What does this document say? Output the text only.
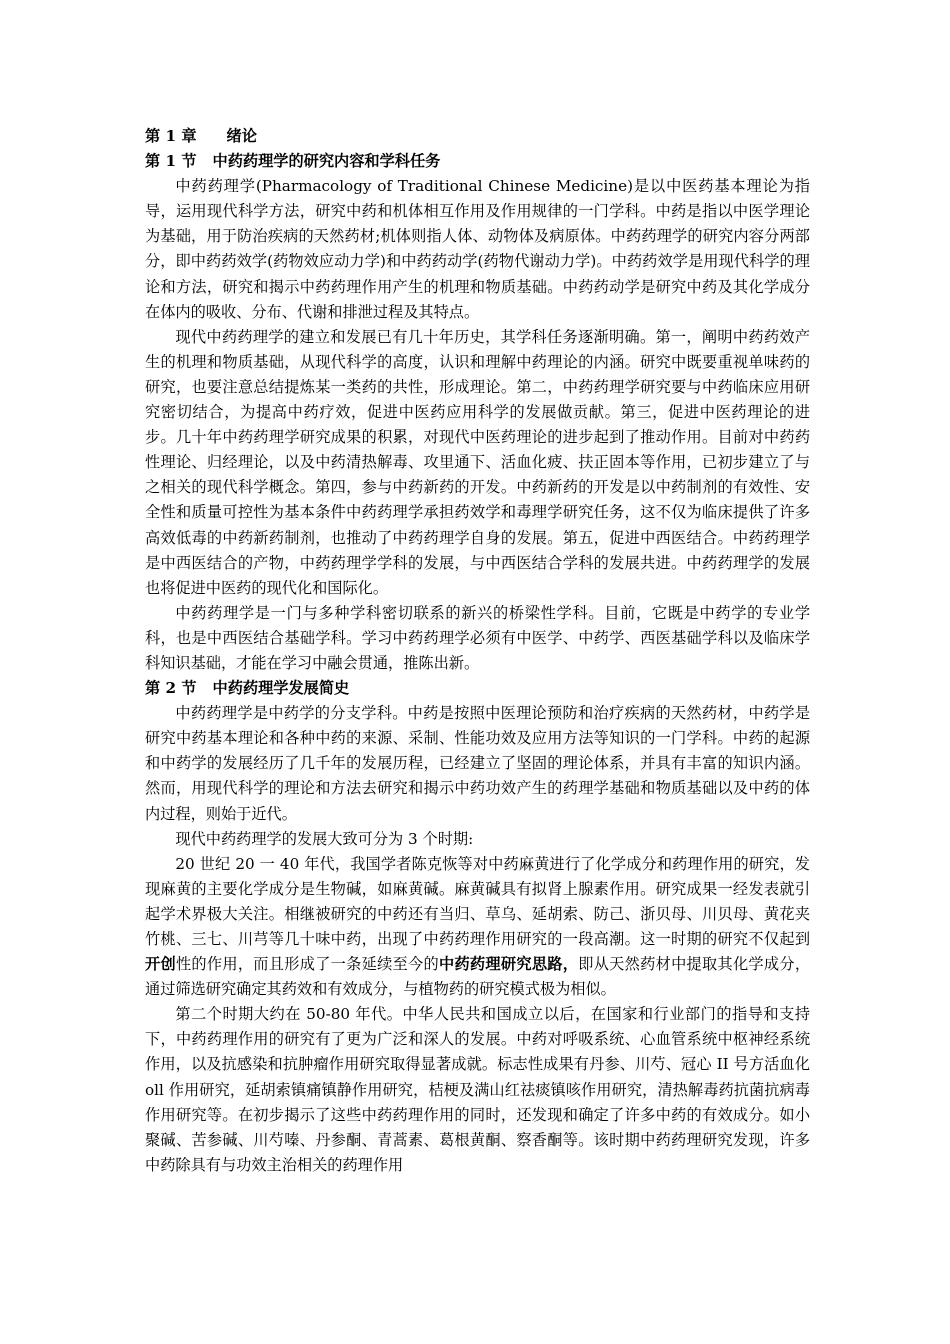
第 1 章 绪论

第 1 节 中药药理学的研究内容和学科任务

中药药理学(Pharmacology of Traditional Chinese Medicine)是以中医药基本理论为指导，运用现代科学方法，研究中药和机体相互作用及作用规律的一门学科。中药是指以中医学理论为基础，用于防治疾病的天然药材;机体则指人体、动物体及病原体。中药药理学的研究内容分两部分，即中药药效学(药物效应动力学)和中药药动学(药物代谢动力学)。中药药效学是用现代科学的理论和方法，研究和揭示中药药理作用产生的机理和物质基础。中药药动学是研究中药及其化学成分在体内的吸收、分布、代谢和排泄过程及其特点。

现代中药药理学的建立和发展已有几十年历史，其学科任务逐渐明确。第一，阐明中药药效产生的机理和物质基础，从现代科学的高度，认识和理解中药理论的内涵。研究中既要重视单味药的研究，也要注意总结提炼某一类药的共性，形成理论。第二，中药药理学研究要与中药临床应用研究密切结合，为提高中药疗效，促进中医药应用科学的发展做贡献。第三，促进中医药理论的进步。几十年中药药理学研究成果的积累，对现代中医药理论的进步起到了推动作用。目前对中药药性理论、归经理论，以及中药清热解毒、攻里通下、活血化疲、扶正固本等作用，已初步建立了与之相关的现代科学概念。第四，参与中药新药的开发。中药新药的开发是以中药制剂的有效性、安全性和质量可控性为基本条件中药药理学承担药效学和毒理学研究任务，这不仅为临床提供了许多高效低毒的中药新药制剂，也推动了中药药理学自身的发展。第五，促进中西医结合。中药药理学是中西医结合的产物，中药药理学学科的发展，与中西医结合学科的发展共进。中药药理学的发展也将促进中医药的现代化和国际化。

中药药理学是一门与多种学科密切联系的新兴的桥梁性学科。目前，它既是中药学的专业学科，也是中西医结合基础学科。学习中药药理学必须有中医学、中药学、西医基础学科以及临床学科知识基础，才能在学习中融会贯通，推陈出新。

第 2 节 中药药理学发展简史

中药药理学是中药学的分支学科。中药是按照中医理论预防和治疗疾病的天然药材，中药学是研究中药基本理论和各种中药的来源、采制、性能功效及应用方法等知识的一门学科。中药的起源和中药学的发展经历了几千年的发展历程，已经建立了坚固的理论体系，并具有丰富的知识内涵。然而，用现代科学的理论和方法去研究和揭示中药功效产生的药理学基础和物质基础以及中药的体内过程，则始于近代。

现代中药药理学的发展大致可分为 3 个时期:

20 世纪 20 一 40 年代，我国学者陈克恢等对中药麻黄进行了化学成分和药理作用的研究，发现麻黄的主要化学成分是生物碱，如麻黄碱。麻黄碱具有拟肾上腺素作用。研究成果一经发表就引起学术界极大关注。相继被研究的中药还有当归、草乌、延胡索、防己、浙贝母、川贝母、黄花夹竹桃、三七、川芎等几十味中药，出现了中药药理作用研究的一段高潮。这一时期的研究不仅起到开创性的作用，而且形成了一条延续至今的中药药理研究思路，即从天然药材中提取其化学成分，通过筛选研究确定其药效和有效成分，与植物药的研究模式极为相似。

第二个时期大约在 50-80 年代。中华人民共和国成立以后，在国家和行业部门的指导和支持下，中药药理作用的研究有了更为广泛和深人的发展。中药对呼吸系统、心血管系统中枢神经系统作用，以及抗感染和抗肿瘤作用研究取得显著成就。标志性成果有丹参、川芍、冠心 II 号方活血化 oll 作用研究，延胡索镇痛镇静作用研究，桔梗及满山红祛痰镇咳作用研究，清热解毒药抗菌抗病毒作用研究等。在初步揭示了这些中药药理作用的同时，还发现和确定了许多中药的有效成分。如小聚碱、苦参碱、川芍嗪、丹参酮、青蒿素、葛根黄酮、察香酮等。该时期中药药理研究发现，许多中药除具有与功效主治相关的药理作用
